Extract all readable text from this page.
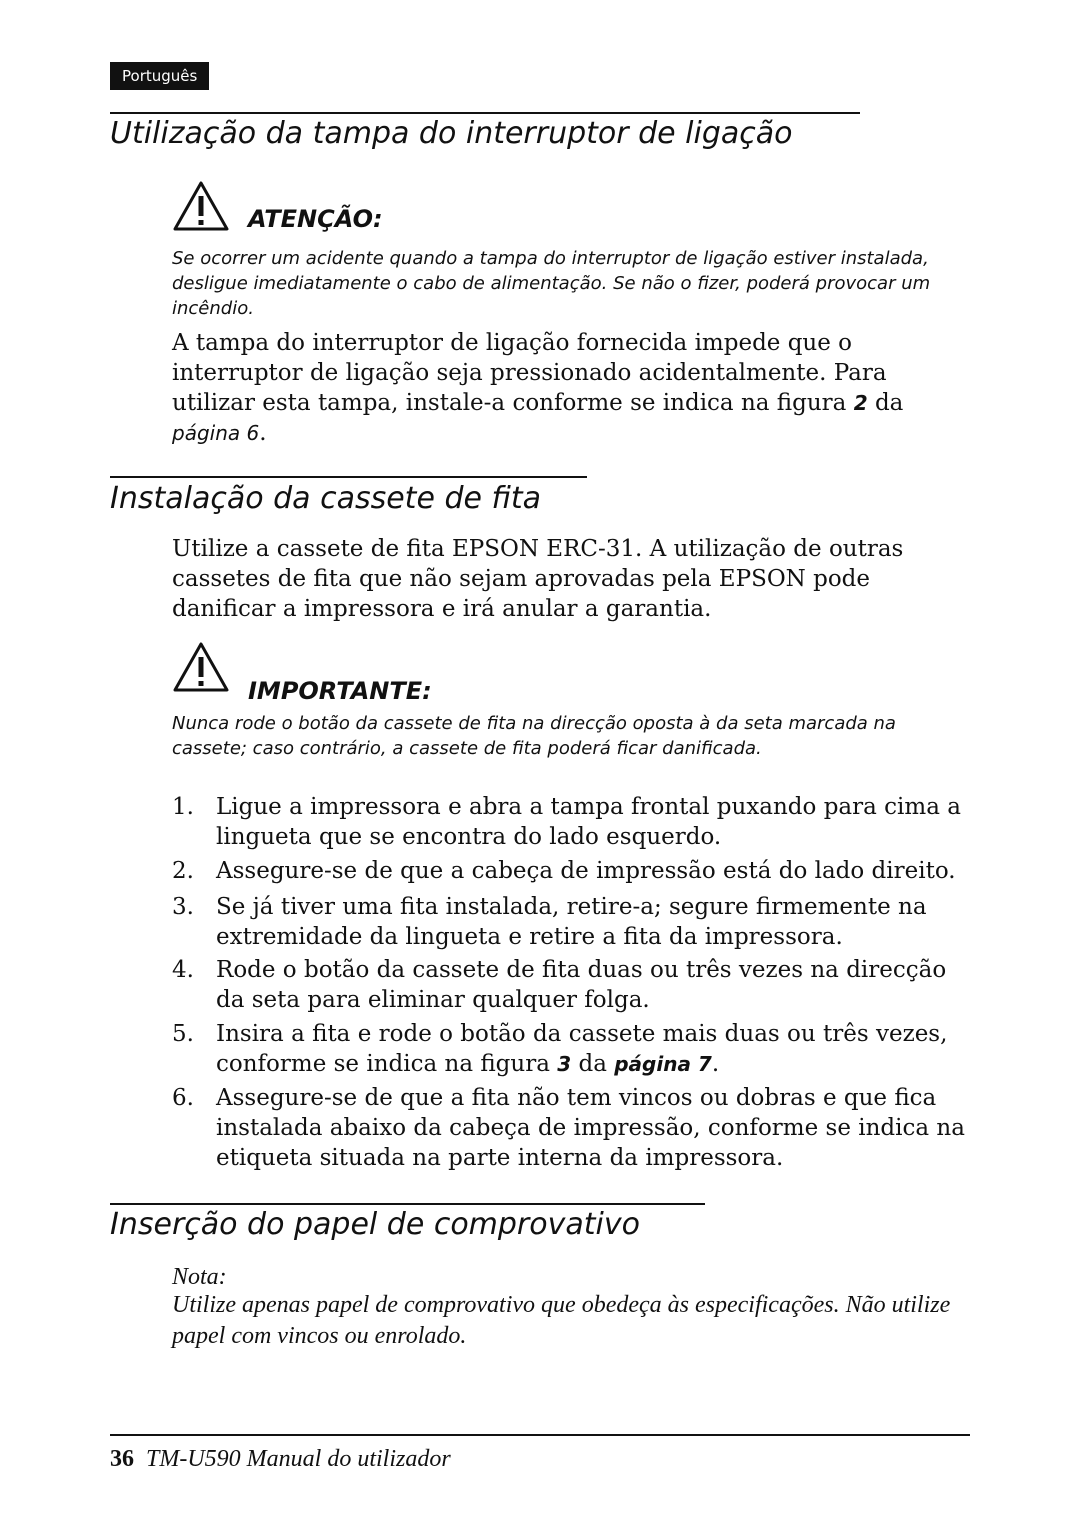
Português
Utilização da tampa do interruptor de ligação
ATENÇÃO:
Se ocorrer um acidente quando a tampa do interruptor de ligação estiver instalada, desligue imediatamente o cabo de alimentação. Se não o fizer, poderá provocar um incêndio.
A tampa do interruptor de ligação fornecida impede que o interruptor de ligação seja pressionado acidentalmente. Para utilizar esta tampa, instale-a conforme se indica na figura 2 da página 6.
Instalação da cassete de fita
Utilize a cassete de fita EPSON ERC-31. A utilização de outras cassetes de fita que não sejam aprovadas pela EPSON pode danificar a impressora e irá anular a garantia.
IMPORTANTE:
Nunca rode o botão da cassete de fita na direcção oposta à da seta marcada na cassete; caso contrário, a cassete de fita poderá ficar danificada.
1. Ligue a impressora e abra a tampa frontal puxando para cima a lingueta que se encontra do lado esquerdo.
2. Assegure-se de que a cabeça de impressão está do lado direito.
3. Se já tiver uma fita instalada, retire-a; segure firmemente na extremidade da lingueta e retire a fita da impressora.
4. Rode o botão da cassete de fita duas ou três vezes na direcção da seta para eliminar qualquer folga.
5. Insira a fita e rode o botão da cassete mais duas ou três vezes, conforme se indica na figura 3 da página 7.
6. Assegure-se de que a fita não tem vincos ou dobras e que fica instalada abaixo da cabeça de impressão, conforme se indica na etiqueta situada na parte interna da impressora.
Inserção do papel de comprovativo
Nota:
Utilize apenas papel de comprovativo que obedeça às especificações. Não utilize papel com vincos ou enrolado.
36 TM-U590 Manual do utilizador
